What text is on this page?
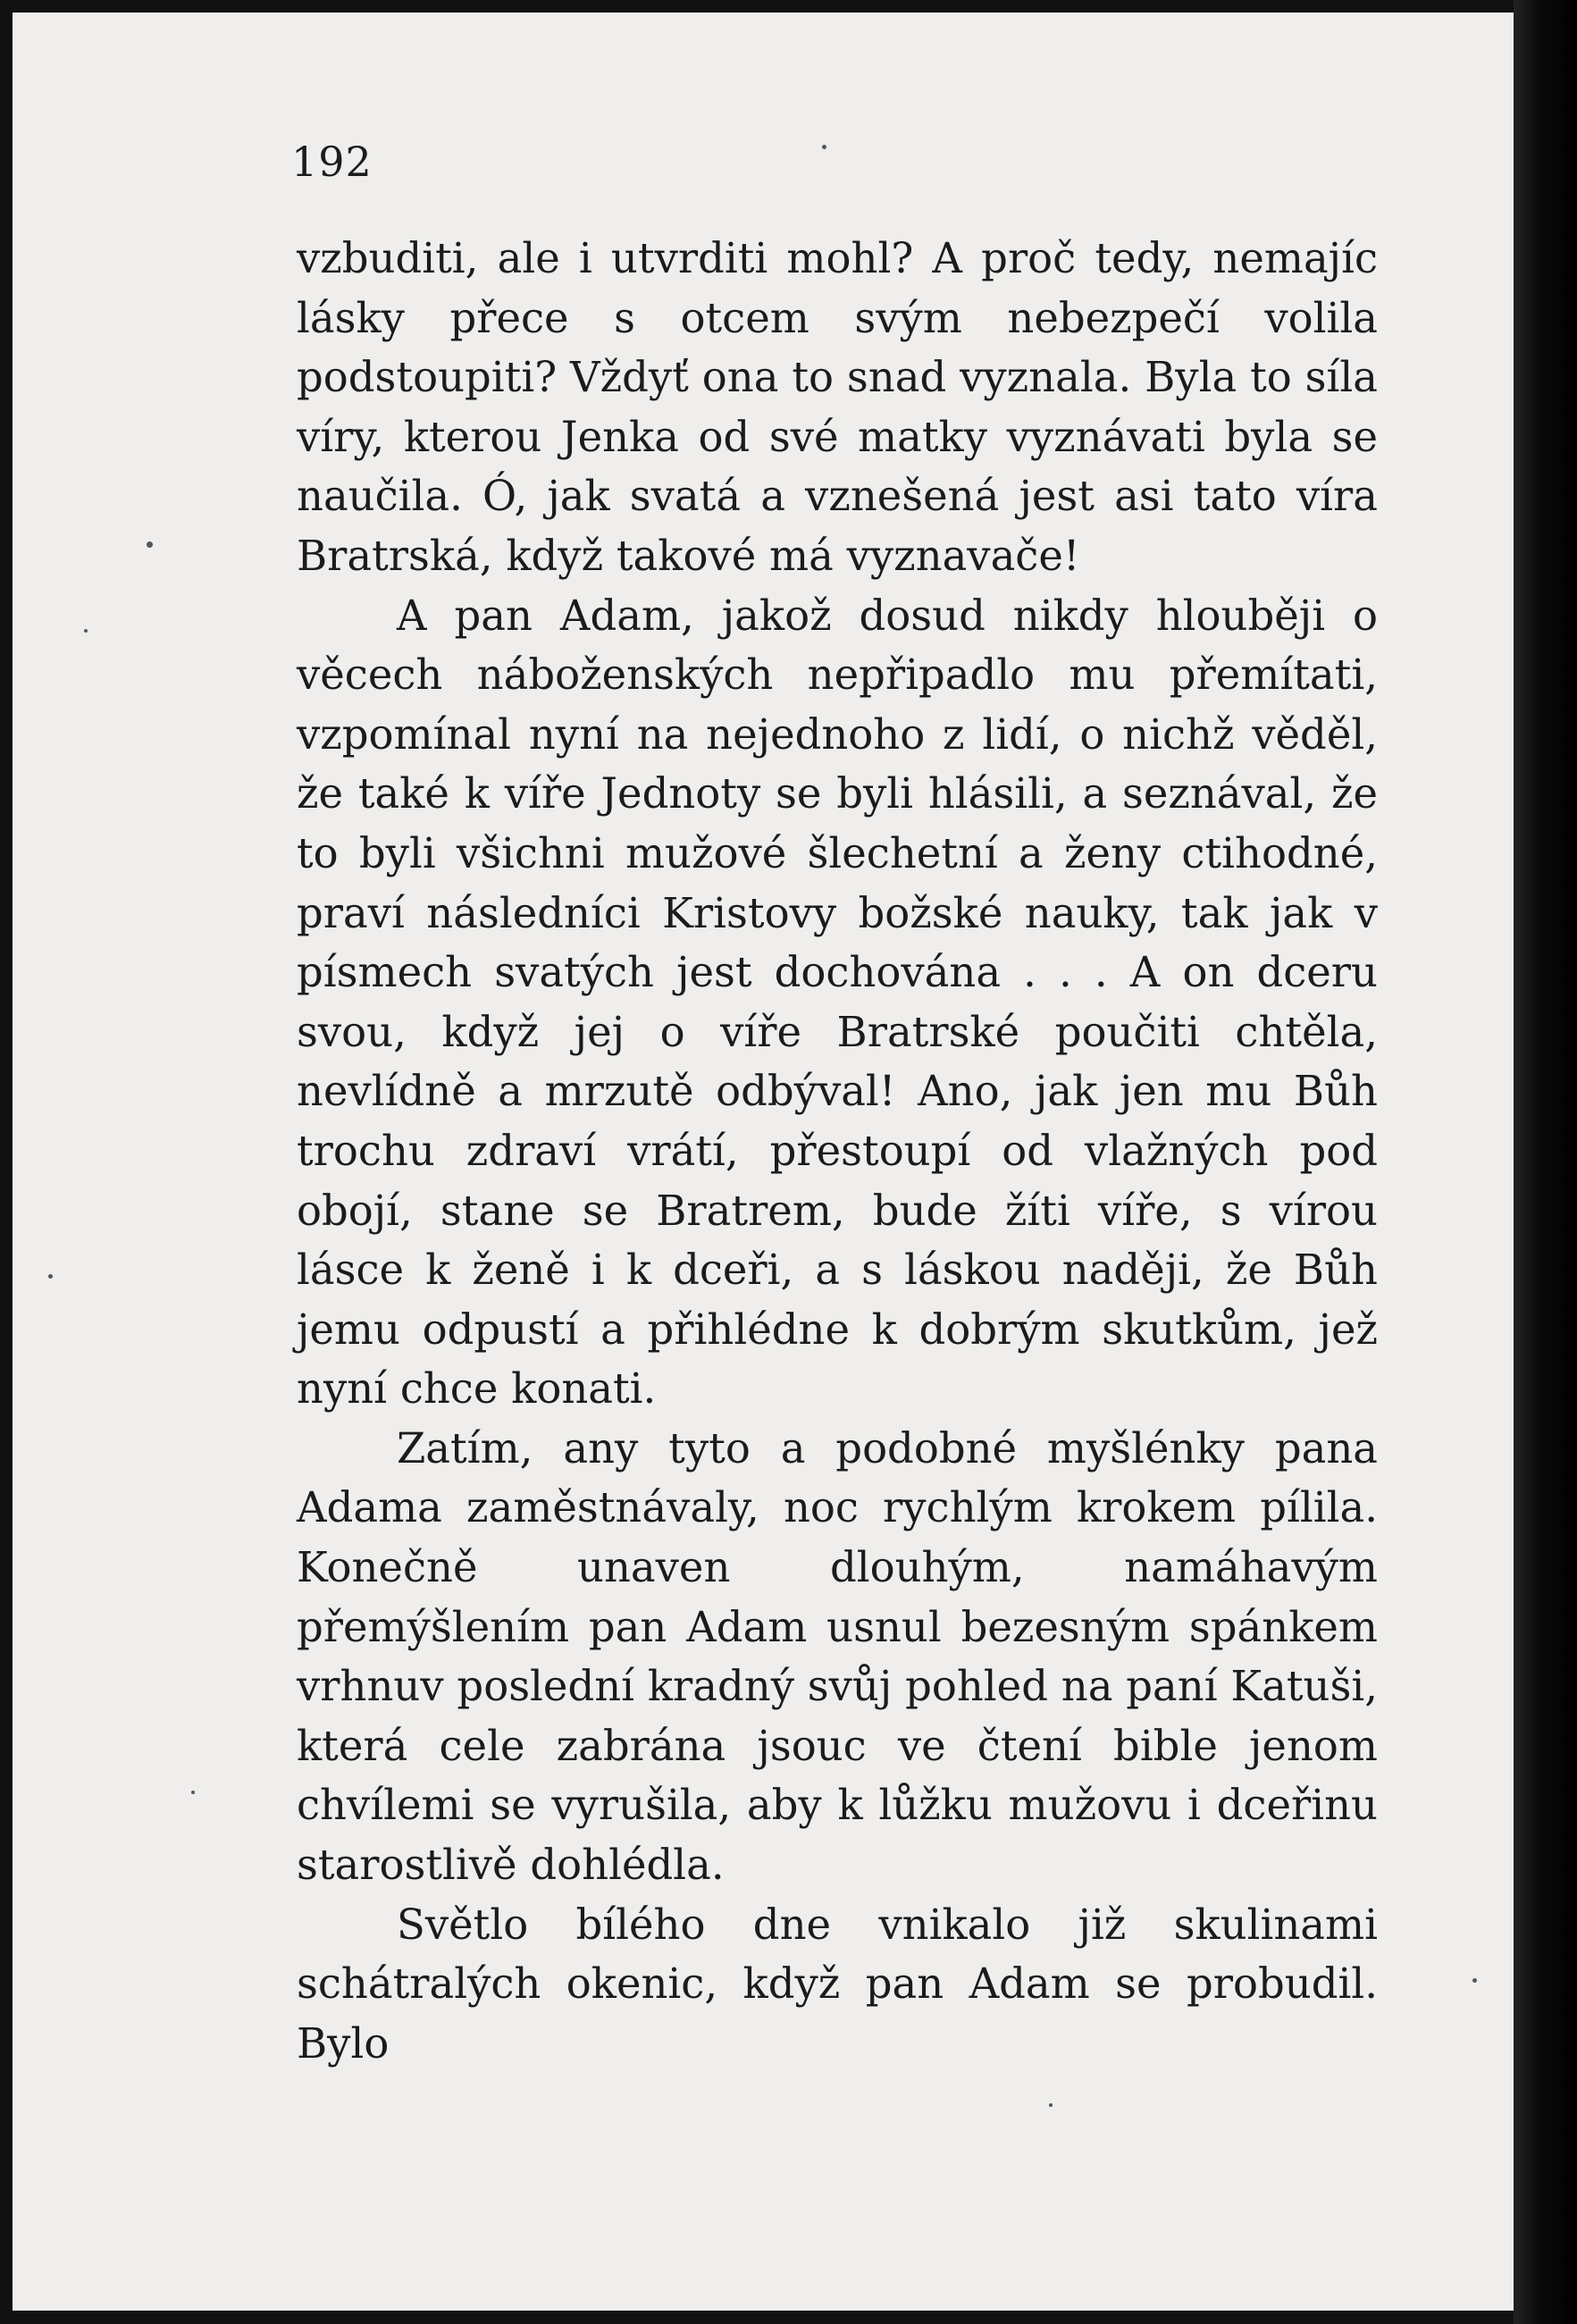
192

vzbuditi, ale i utvrditi mohl? A proč tedy, nemajíc lásky přece s otcem svým nebezpečí volila podstoupiti? Vždyť ona to snad vyznala. Byla to síla víry, kterou Jenka od své matky vyznávati byla se naučila. Ó, jak svatá a vznešená jest asi tato víra Bratrská, když takové má vyznavače!

A pan Adam, jakož dosud nikdy hlouběji o věcech náboženských nepřipadlo mu přemítati, vzpomínal nyní na nejednoho z lidí, o nichž věděl, že také k víře Jednoty se byli hlásili, a seznával, že to byli všichni mužové šlechetní a ženy ctihodné, praví následníci Kristovy božské nauky, tak jak v písmech svatých jest dochována . . . A on dceru svou, když jej o víře Bratrské poučiti chtěla, nevlídně a mrzutě odbýval! Ano, jak jen mu Bůh trochu zdraví vrátí, přestoupí od vlažných pod obojí, stane se Bratrem, bude žíti víře, s vírou lásce k ženě i k dceři, a s láskou naději, že Bůh jemu odpustí a přihlédne k dobrým skutkům, jež nyní chce konati.

Zatím, any tyto a podobné myšlénky pana Adama zaměstnávaly, noc rychlým krokem pílila. Konečně unaven dlouhým, namáhavým přemýšlením pan Adam usnul bezesným spánkem vrhnuv poslední kradný svůj pohled na paní Katuši, která cele zabrána jsouc ve čtení bible jenom chvílemi se vyrušila, aby k lůžku mužovu i dceřinu starostlivě dohlédla.

Světlo bílého dne vnikalo již skulinami schátralých okenic, když pan Adam se probudil. Bylo
